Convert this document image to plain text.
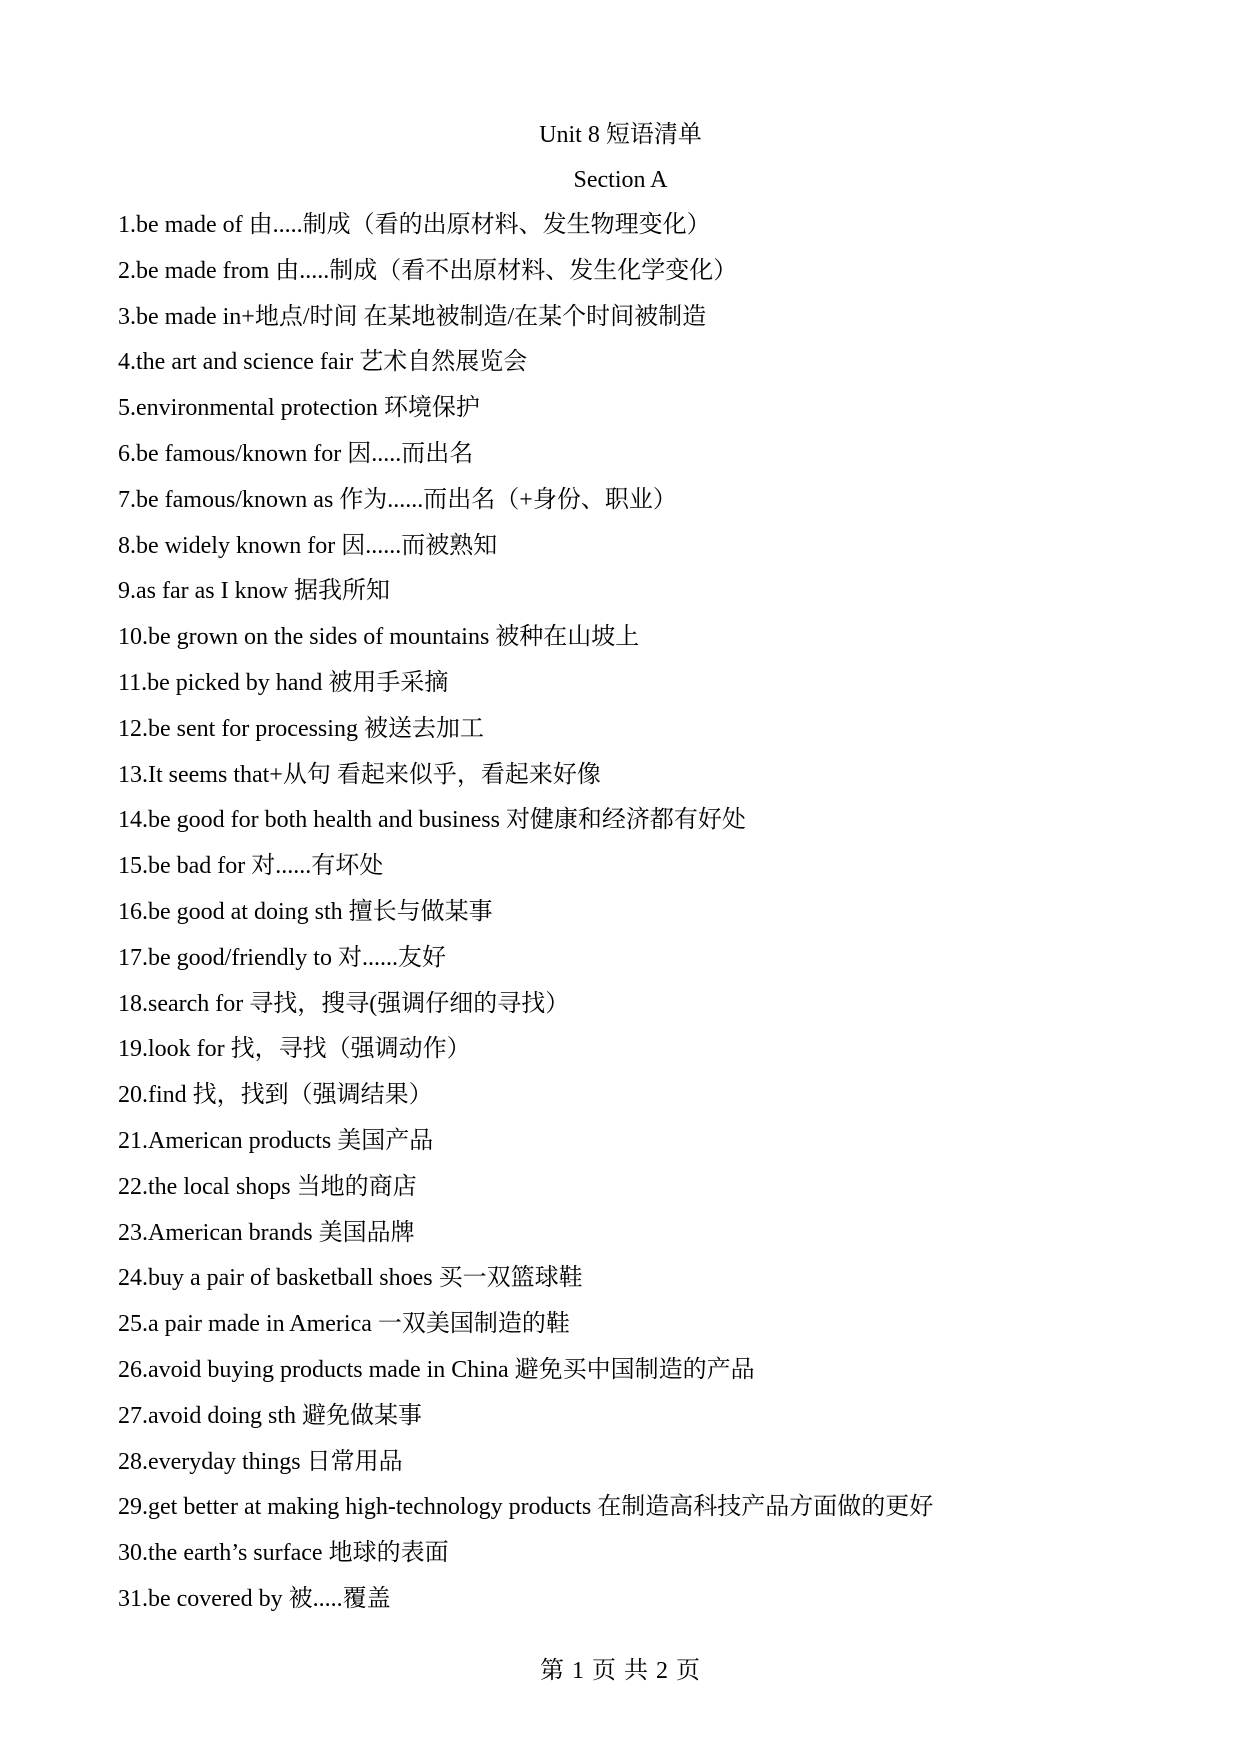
Unit 8 短语清单
Section A
1.be made of 由.....制成（看的出原材料、发生物理变化）
2.be made from 由.....制成（看不出原材料、发生化学变化）
3.be made in+地点/时间 在某地被制造/在某个时间被制造
4.the art and science fair 艺术自然展览会
5.environmental protection 环境保护
6.be famous/known for 因.....而出名
7.be famous/known as 作为......而出名（+身份、职业）
8.be widely known for 因......而被熟知
9.as far as I know 据我所知
10.be grown on the sides of mountains 被种在山坡上
11.be picked by hand 被用手采摘
12.be sent for processing 被送去加工
13.It seems that+从句 看起来似乎，看起来好像
14.be good for both health and business 对健康和经济都有好处
15.be bad for 对......有坏处
16.be good at doing sth 擅长与做某事
17.be good/friendly to 对......友好
18.search for 寻找，搜寻(强调仔细的寻找）
19.look for 找，寻找（强调动作）
20.find 找，找到（强调结果）
21.American products 美国产品
22.the local shops 当地的商店
23.American brands 美国品牌
24.buy a pair of basketball shoes 买一双篮球鞋
25.a pair made in America 一双美国制造的鞋
26.avoid buying products made in China 避免买中国制造的产品
27.avoid doing sth 避免做某事
28.everyday things 日常用品
29.get better at making high-technology products 在制造高科技产品方面做的更好
30.the earth’s surface 地球的表面
31.be covered by 被.....覆盖
第 1 页 共 2 页
